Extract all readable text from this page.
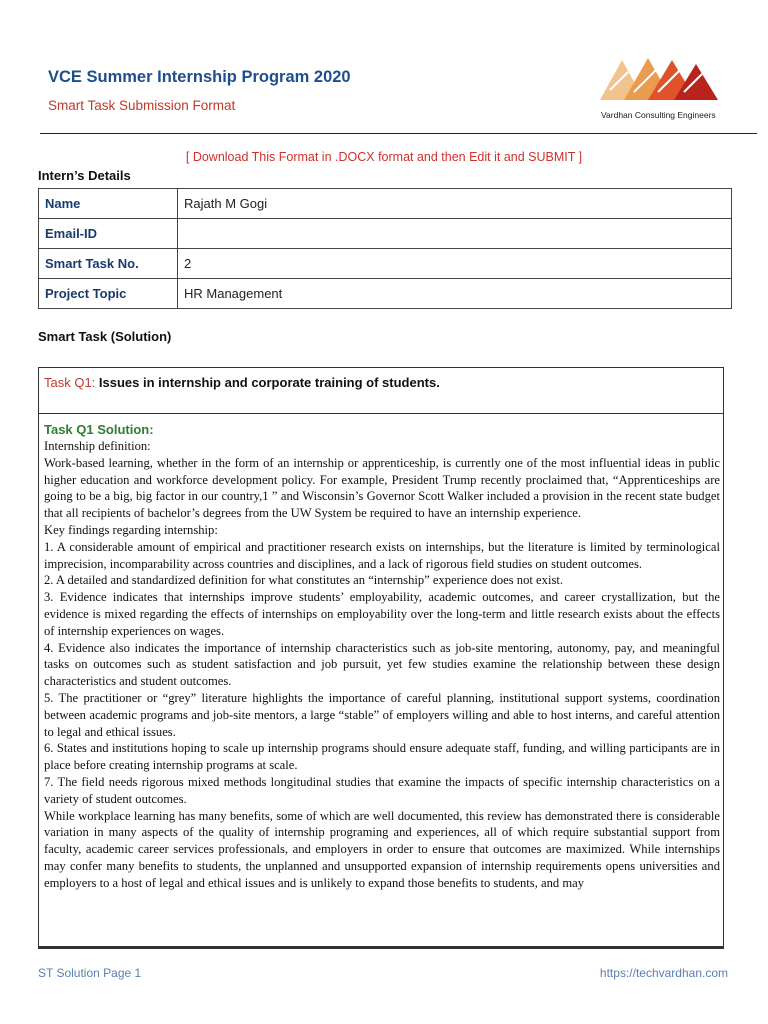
VCE Summer Internship Program 2020
Smart Task Submission Format
Vardhan Consulting Engineers
[ Download This Format in .DOCX format and then Edit it and SUBMIT ]
Intern’s Details
Name	Rajath M Gogi
Email-ID	
Smart Task No.	2
Project Topic	HR Management
Smart Task (Solution)
Task Q1: Issues in internship and corporate training of students.
Task Q1 Solution:

Internship definition:

Work-based learning, whether in the form of an internship or apprenticeship, is currently one of the most influential ideas in public higher education and workforce development policy. For example, President Trump recently proclaimed that, “Apprenticeships are going to be a big, big factor in our country,1 ” and Wisconsin’s Governor Scott Walker included a provision in the recent state budget that all recipients of bachelor’s degrees from the UW System be required to have an internship experience.

Key findings regarding internship:

1. A considerable amount of empirical and practitioner research exists on internships, but the literature is limited by terminological imprecision, incomparability across countries and disciplines, and a lack of rigorous field studies on student outcomes.

2. A detailed and standardized definition for what constitutes an “internship” experience does not exist.

3. Evidence indicates that internships improve students’ employability, academic outcomes, and career crystallization, but the evidence is mixed regarding the effects of internships on employability over the long-term and little research exists about the effects of internship experiences on wages.

4. Evidence also indicates the importance of internship characteristics such as job-site mentoring, autonomy, pay, and meaningful tasks on outcomes such as student satisfaction and job pursuit, yet few studies examine the relationship between these design characteristics and student outcomes.

5. The practitioner or “grey” literature highlights the importance of careful planning, institutional support systems, coordination between academic programs and job-site mentors, a large “stable” of employers willing and able to host interns, and careful attention to legal and ethical issues.

6. States and institutions hoping to scale up internship programs should ensure adequate staff, funding, and willing participants are in place before creating internship programs at scale.

7. The field needs rigorous mixed methods longitudinal studies that examine the impacts of specific internship characteristics on a variety of student outcomes.

While workplace learning has many benefits, some of which are well documented, this review has demonstrated there is considerable variation in many aspects of the quality of internship programing and experiences, all of which require substantial support from faculty, academic career services professionals, and employers in order to ensure that outcomes are maximized. While internships may confer many benefits to students, the unplanned and unsupported expansion of internship requirements opens universities and employers to a host of legal and ethical issues and is unlikely to expand those benefits to students, and may

ST Solution Page 1	https://techvardhan.com
